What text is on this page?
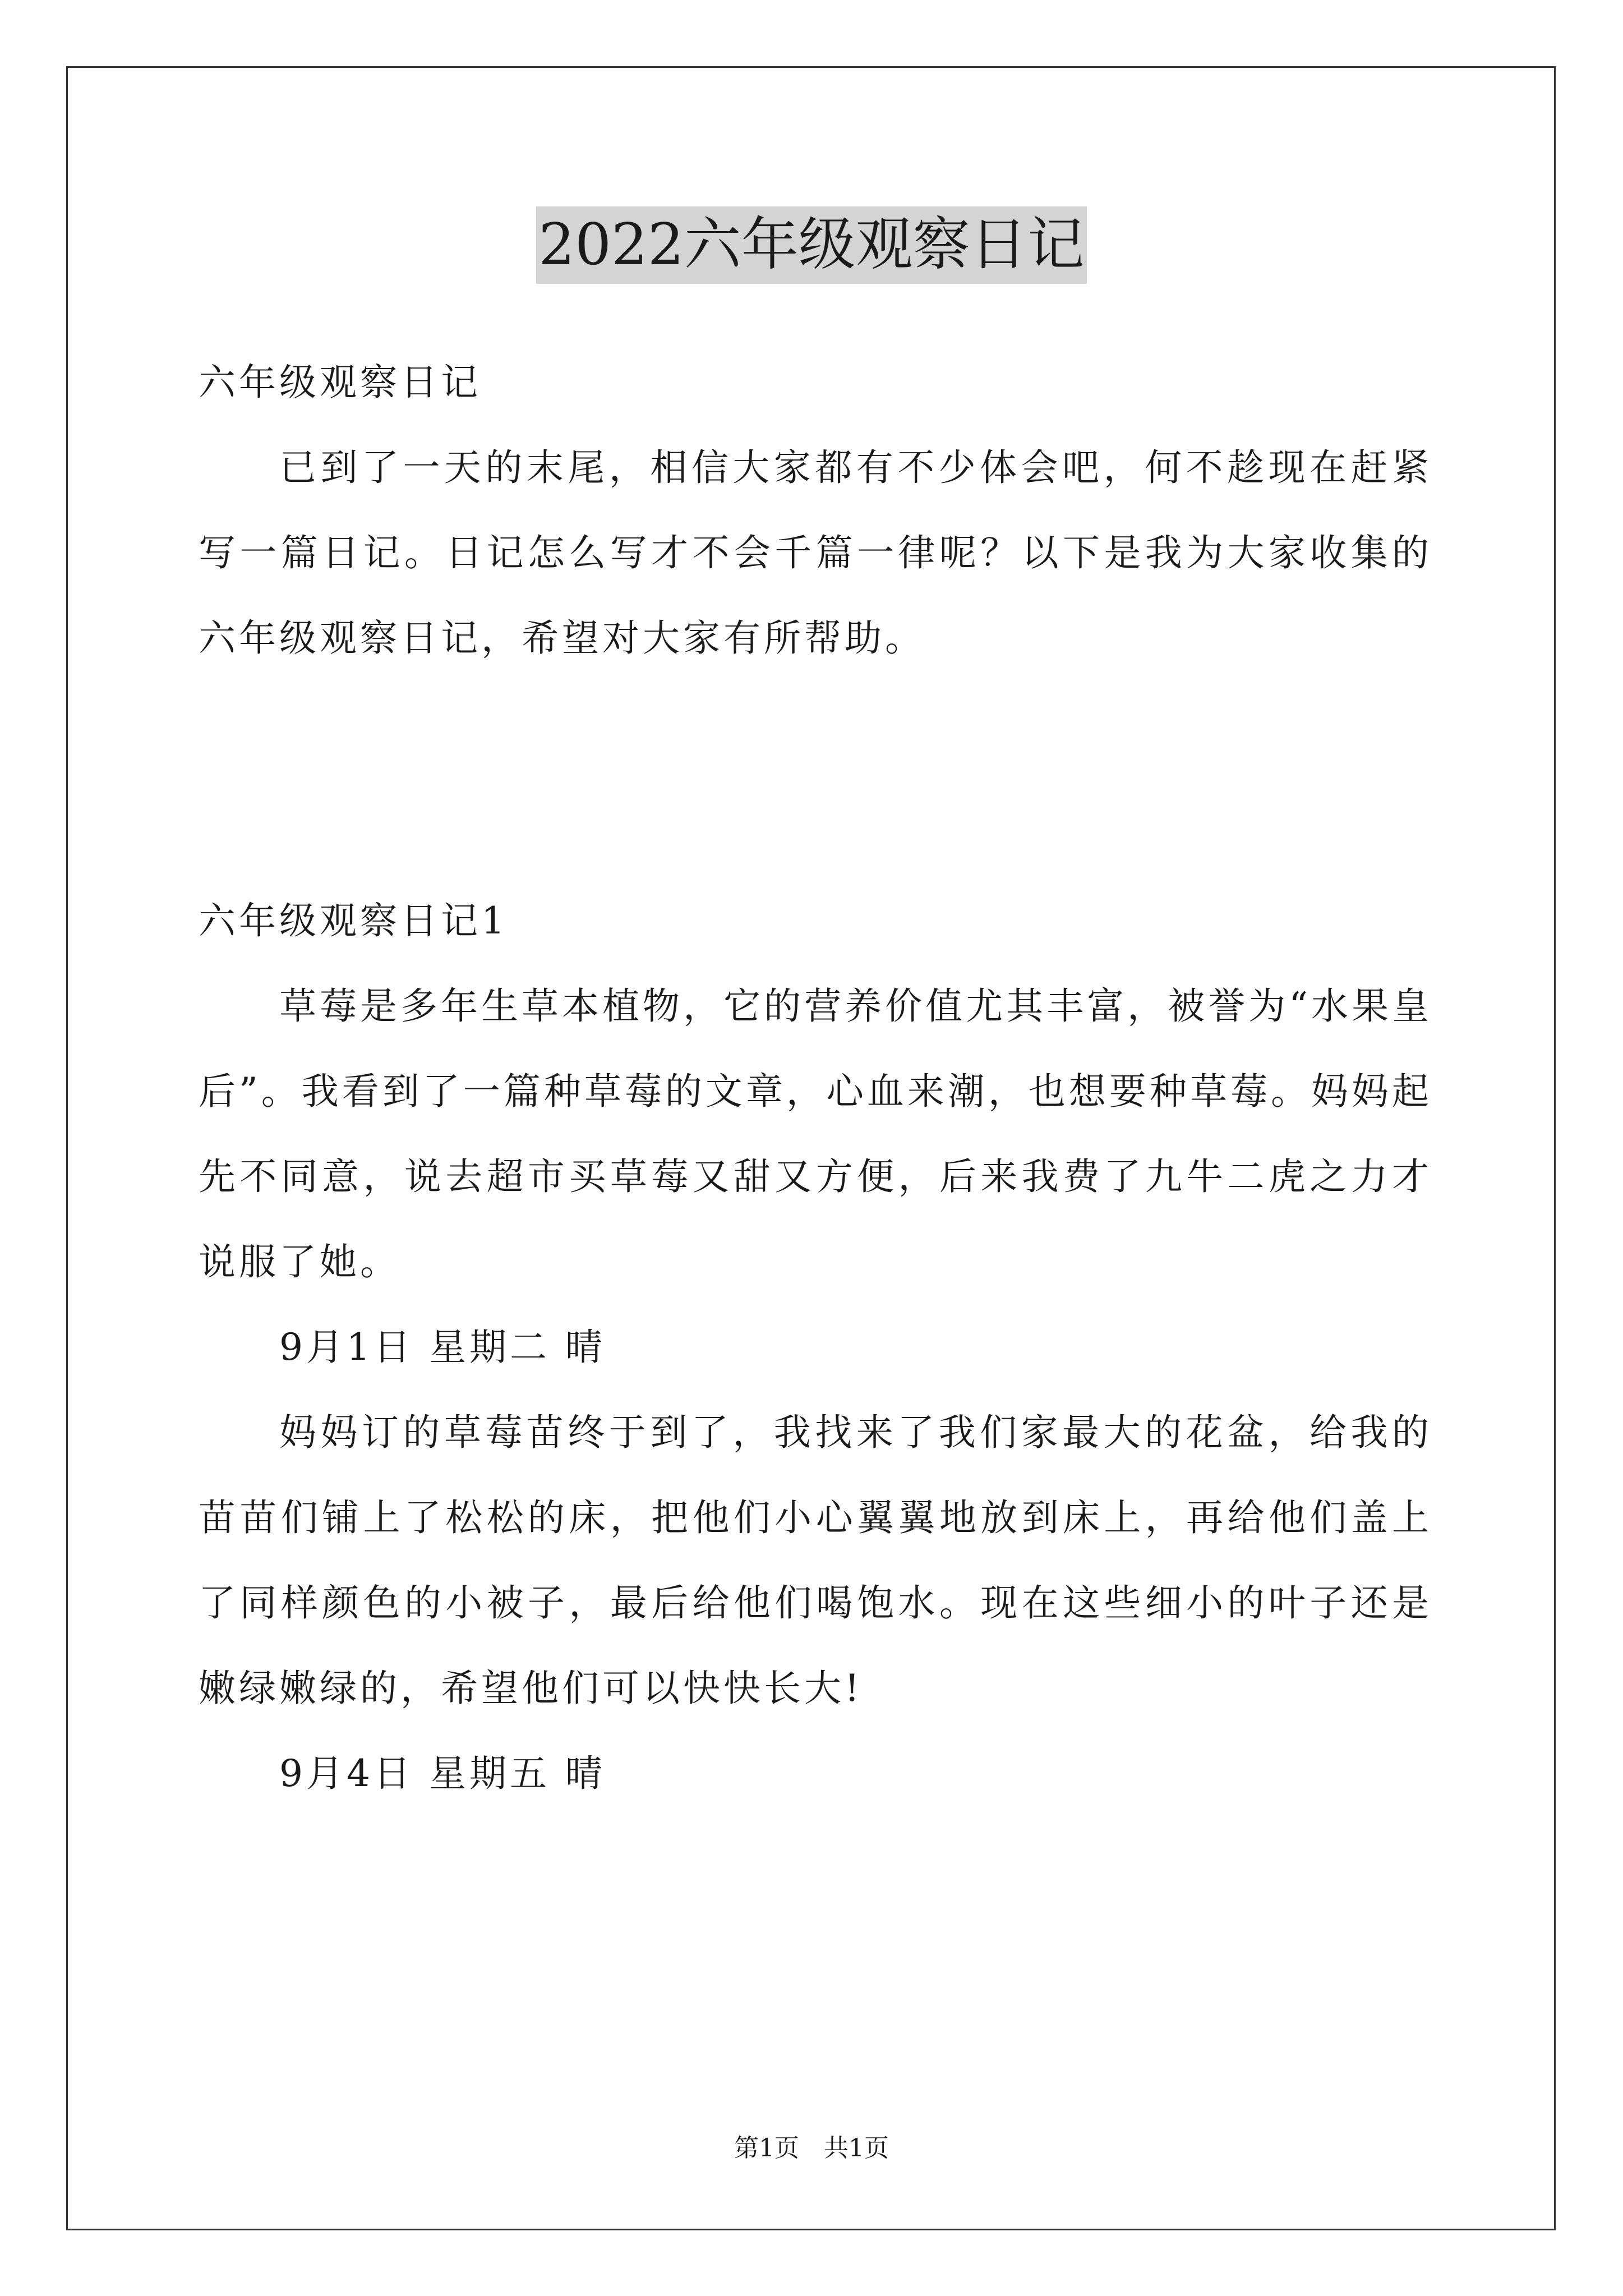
2022六年级观察日记

六年级观察日记

已到了一天的末尾，相信大家都有不少体会吧，何不趁现在赶紧写一篇日记。日记怎么写才不会千篇一律呢？以下是我为大家收集的六年级观察日记，希望对大家有所帮助。

六年级观察日记1

草莓是多年生草本植物，它的营养价值尤其丰富，被誉为“水果皇后”。我看到了一篇种草莓的文章，心血来潮，也想要种草莓。妈妈起先不同意，说去超市买草莓又甜又方便，后来我费了九牛二虎之力才说服了她。

9月1日 星期二 晴

妈妈订的草莓苗终于到了，我找来了我们家最大的花盆，给我的苗苗们铺上了松松的床，把他们小心翼翼地放到床上，再给他们盖上了同样颜色的小被子，最后给他们喝饱水。现在这些细小的叶子还是嫩绿嫩绿的，希望他们可以快快长大!

9月4日 星期五 晴

第1页　共1页
